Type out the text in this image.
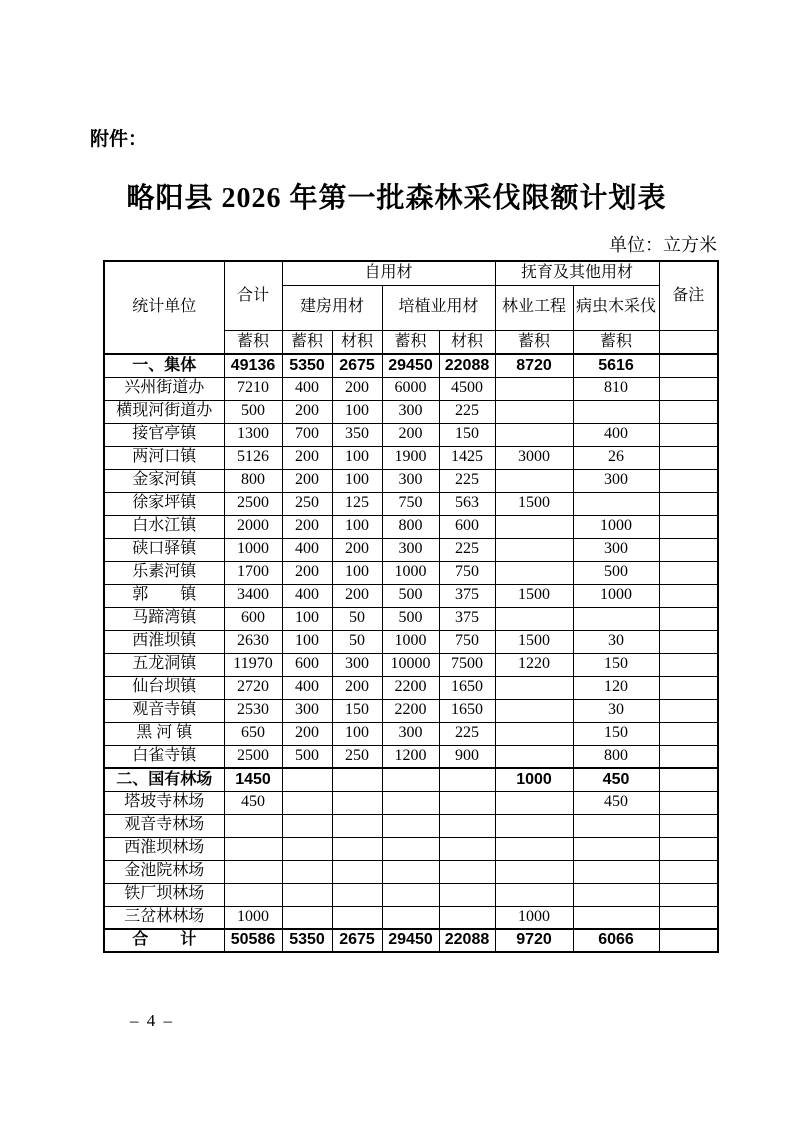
附件：
略阳县 2026 年第一批森林采伐限额计划表
单位：立方米
统计单位	合计	自用材				抚育及其他用材		备注
		建房用材		培植业用材		林业工程	病虫木采伐	
	蓄积	蓄积	材积	蓄积	材积	蓄积	蓄积	
一、集体	49136	5350	2675	29450	22088	8720	5616	
兴州街道办	7210	400	200	6000	4500		810	
横现河街道办	500	200	100	300	225			
接官亭镇	1300	700	350	200	150		400	
两河口镇	5126	200	100	1900	1425	3000	26	
金家河镇	800	200	100	300	225		300	
徐家坪镇	2500	250	125	750	563	1500		
白水江镇	2000	200	100	800	600		1000	
硖口驿镇	1000	400	200	300	225		300	
乐素河镇	1700	200	100	1000	750		500	
郭　　镇	3400	400	200	500	375	1500	1000	
马蹄湾镇	600	100	50	500	375			
西淮坝镇	2630	100	50	1000	750	1500	30	
五龙洞镇	11970	600	300	10000	7500	1220	150	
仙台坝镇	2720	400	200	2200	1650		120	
观音寺镇	2530	300	150	2200	1650		30	
黑 河 镇	650	200	100	300	225		150	
白雀寺镇	2500	500	250	1200	900		800	
二、国有林场	1450					1000	450	
塔坡寺林场	450						450	
观音寺林场								
西淮坝林场								
金池院林场								
铁厂坝林场								
三岔林林场	1000					1000		
合　　计	50586	5350	2675	29450	22088	9720	6066	
– 4 –
